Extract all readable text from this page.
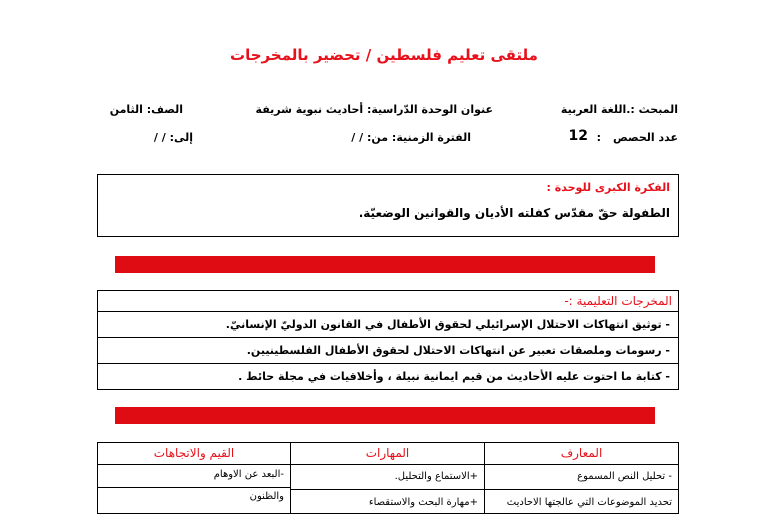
ملتقى تعليم فلسطين / تحضير بالمخرجات
المبحث :.اللغة العربية
عنوان الوحدة الدّراسية: أحاديث نبوية شريفة
الصف: الثامن
عدد الحصص
:
12
الفترة الزمنية: من: / /
إلى: / /
الفكرة الكبرى للوحدة :
الطفولة حقّ مقدّس كفلته الأديان والقوانين الوضعيّة.
المخرجات التعليمية :-
- توثيق انتهاكات الاحتلال الإسرائيلي لحقوق الأطفال في القانون الدوليّ الإنسانيّ.
- رسومات وملصقات تعبير عن انتهاكات الاحتلال لحقوق الأطفال الفلسطينيين.
- كتابة ما احتوت عليه الأحاديث من قيم ايمانية نبيلة ، وأخلاقيات في مجلة حائط .
المعارف
- تحليل النص المسموع
تحديد الموضوعات التي عالجتها الاحاديث
المهارات
+الاستماع والتحليل.
+مهارة البحث والاستقصاء
القيم والاتجاهات
-البعد عن الاوهام
والظنون
